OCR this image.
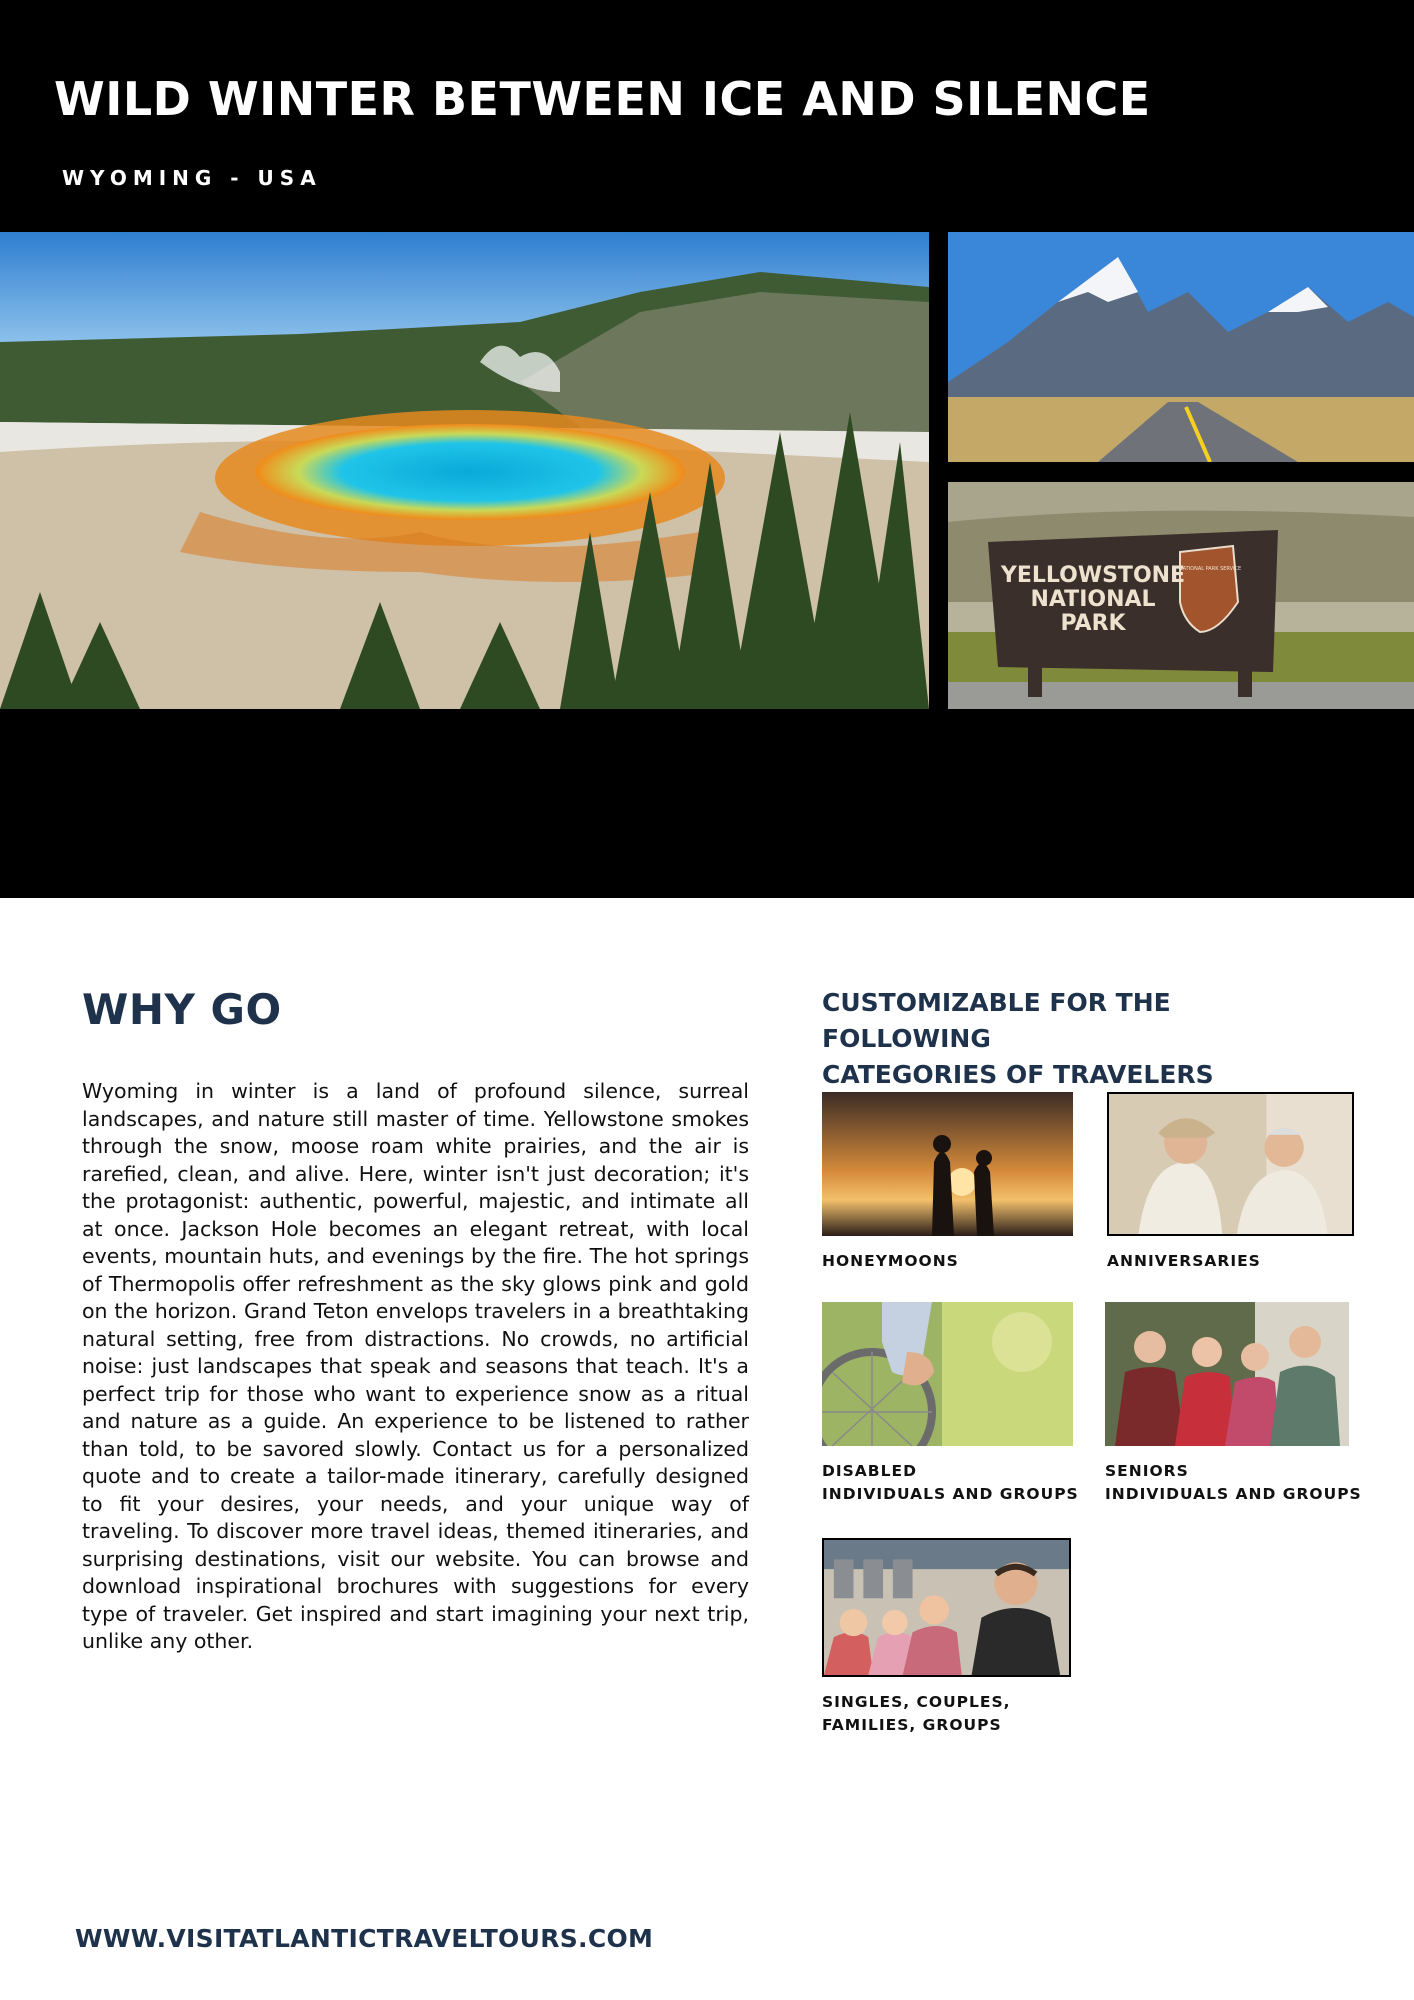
WILD WINTER BETWEEN ICE AND SILENCE
WYOMING - USA
YELLOWSTONE
NATIONAL
PARK
NATIONAL PARK SERVICE
WHY GO

Wyoming in winter is a land of profound silence, surreal landscapes, and nature still master of time. Yellowstone smokes through the snow, moose roam white prairies, and the air is rarefied, clean, and alive. Here, winter isn't just decoration; it's the protagonist: authentic, powerful, majestic, and intimate all at once. Jackson Hole becomes an elegant retreat, with local events, mountain huts, and evenings by the fire. The hot springs of Thermopolis offer refreshment as the sky glows pink and gold on the horizon. Grand Teton envelops travelers in a breathtaking natural setting, free from distractions. No crowds, no artificial noise: just landscapes that speak and seasons that teach. It's a perfect trip for those who want to experience snow as a ritual and nature as a guide. An experience to be listened to rather than told, to be savored slowly. Contact us for a personalized quote and to create a tailor-made itinerary, carefully designed to fit your desires, your needs, and your unique way of traveling. To discover more travel ideas, themed itineraries, and surprising destinations, visit our website. You can browse and download inspirational brochures with suggestions for every type of traveler. Get inspired and start imagining your next trip, unlike any other.

CUSTOMIZABLE FOR THE FOLLOWING
CATEGORIES OF TRAVELERS
HONEYMOONS	ANNIVERSARIES
DISABLED
INDIVIDUALS AND GROUPS
SENIORS
INDIVIDUALS AND GROUPS
SINGLES, COUPLES,
FAMILIES, GROUPS
WWW.VISITATLANTICTRAVELTOURS.COM
